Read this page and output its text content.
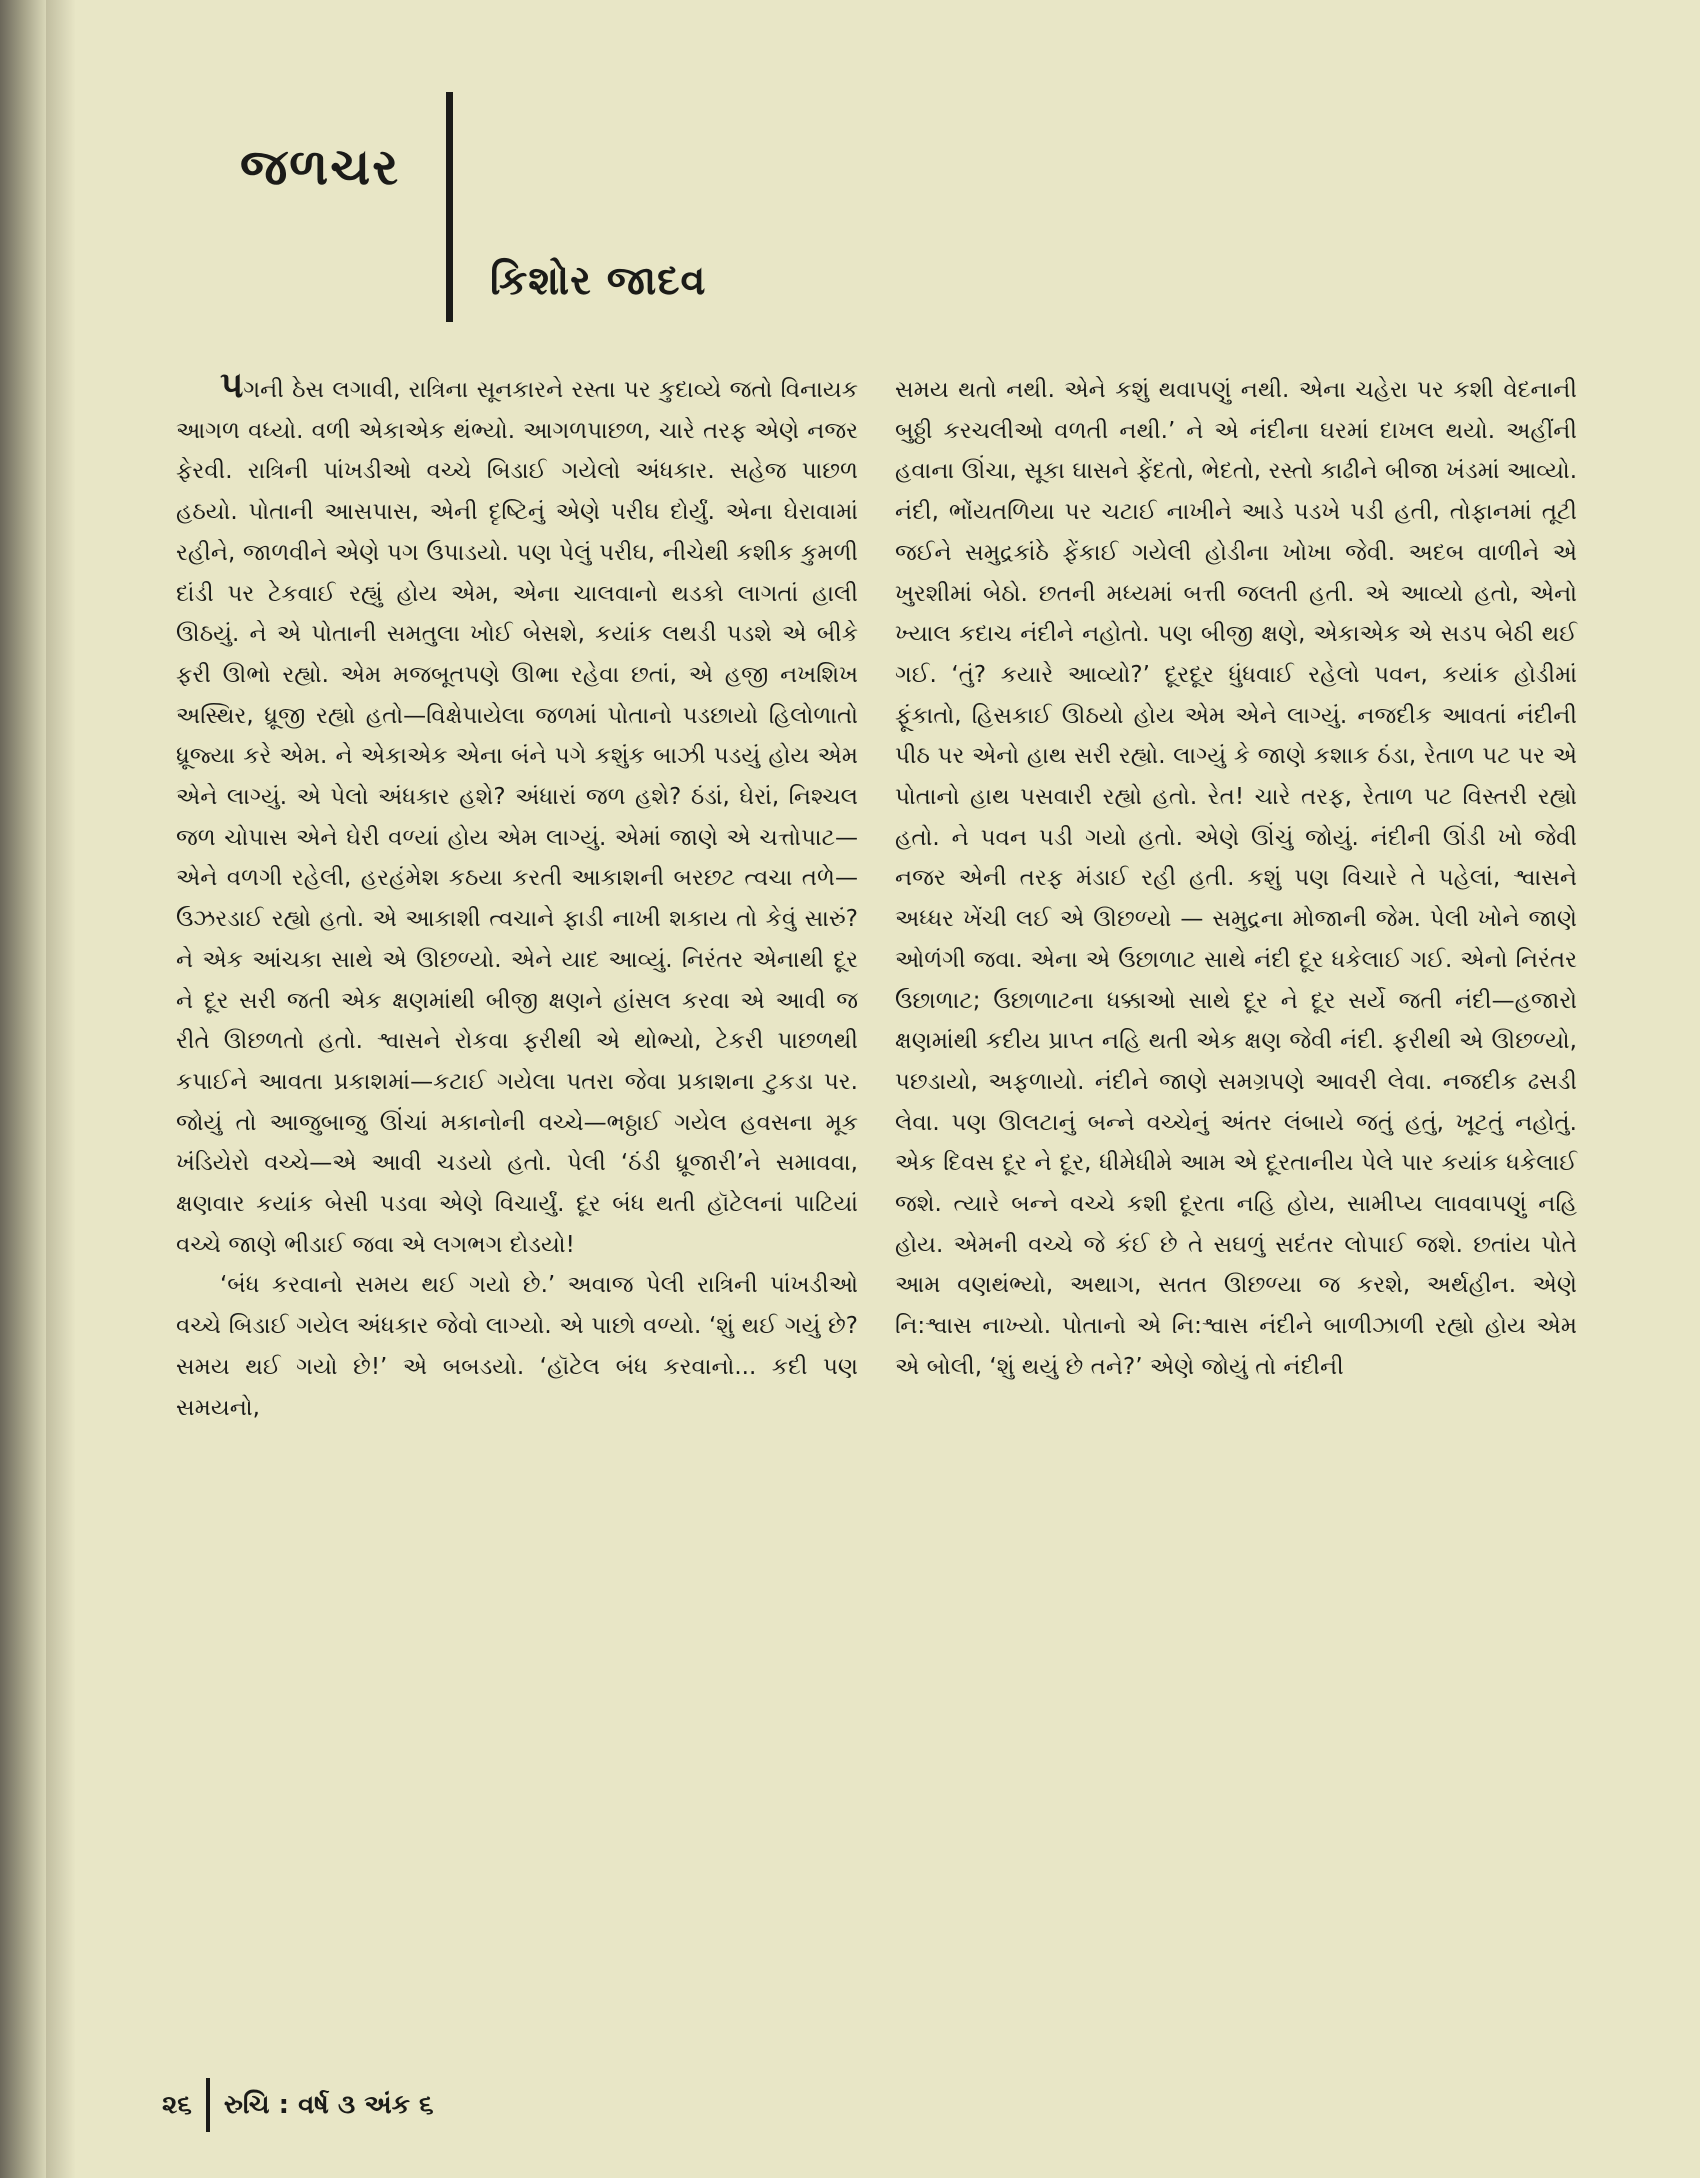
જળચર
કિશોર જાદવ

પગની ઠેસ લગાવી, રાત્રિના સૂનકારને રસ્તા પર કુદાવ્યે જતો વિનાયક આગળ વધ્યો. વળી એકાએક થંભ્યો. આગળપાછળ, ચારે તરફ એણે નજર ફેરવી. રાત્રિની પાંખડીઓ વચ્ચે બિડાઈ ગયેલો અંધકાર. સહેજ પાછળ હઠયો. પોતાની આસપાસ, એની દૃષ્ટિનું એણે પરીઘ દોર્યું. એના ઘેરાવામાં રહીને, જાળવીને એણે પગ ઉપાડયો. પણ પેલું પરીઘ, નીચેથી કશીક કુમળી દાંડી પર ટેકવાઈ રહ્યું હોય એમ, એના ચાલવાનો થડકો લાગતાં હાલી ઊઠયું. ને એ પોતાની સમતુલા ખોઈ બેસશે, કયાંક લથડી પડશે એ બીકે ફરી ઊભો રહ્યો. એમ મજબૂતપણે ઊભા રહેવા છતાં, એ હજી નખશિખ અસ્થિર, ધ્રૂજી રહ્યો હતો—વિક્ષેપાયેલા જળમાં પોતાનો પડછાયો હિલોળાતો ધ્રૂજ્યા કરે એમ. ને એકાએક એના બંને પગે કશુંક બાઝી પડયું હોય એમ એને લાગ્યું. એ પેલો અંધકાર હશે? અંધારાં જળ હશે? ઠંડાં, ઘેરાં, નિશ્ચલ જળ ચોપાસ એને ઘેરી વળ્યાં હોય એમ લાગ્યું. એમાં જાણે એ ચત્તોપાટ—એને વળગી રહેલી, હરહંમેશ કઠયા કરતી આકાશની બરછટ ત્વચા તળે—ઉઝરડાઈ રહ્યો હતો. એ આકાશી ત્વચાને ફાડી નાખી શકાય તો કેવું સારું? ને એક આંચકા સાથે એ ઊછળ્યો. એને યાદ આવ્યું. નિરંતર એનાથી દૂર ને દૂર સરી જતી એક ક્ષણમાંથી બીજી ક્ષણને હાંસલ કરવા એ આવી જ રીતે ઊછળતો હતો. શ્વાસને રોકવા ફરીથી એ થોભ્યો, ટેકરી પાછળથી કપાઈને આવતા પ્રકાશમાં—કટાઈ ગયેલા પતરા જેવા પ્રકાશના ટુકડા પર. જોયું તો આજુબાજુ ઊંચાં મકાનોની વચ્ચે—ભઠ્ઠાઈ ગયેલ હવસના મૂક ખંડિયેરો વચ્ચે—એ આવી ચડયો હતો. પેલી ‘ઠંડી ધ્રૂજારી’ને સમાવવા, ક્ષણવાર કયાંક બેસી પડવા એણે વિચાર્યું. દૂર બંધ થતી હૉટેલનાં પાટિયાં વચ્ચે જાણે ભીડાઈ જવા એ લગભગ દોડયો!

‘બંધ કરવાનો સમય થઈ ગયો છે.’ અવાજ પેલી રાત્રિની પાંખડીઓ વચ્ચે બિડાઈ ગયેલ અંધકાર જેવો લાગ્યો. એ પાછો વળ્યો. ‘શું થઈ ગયું છે? સમય થઈ ગયો છે!’ એ બબડયો. ‘હૉટેલ બંધ કરવાનો... કદી પણ સમયનો,

સમય થતો નથી. એને કશું થવાપણું નથી. એના ચહેરા પર કશી વેદનાની બુઠ્ઠી કરચલીઓ વળતી નથી.’ ને એ નંદીના ઘરમાં દાખલ થયો. અહીંની હવાના ઊંચા, સૂકા ઘાસને ફેંદતો, ભેદતો, રસ્તો કાઢીને બીજા ખંડમાં આવ્યો. નંદી, ભોંયતળિયા પર ચટાઈ નાખીને આડે પડખે પડી હતી, તોફાનમાં તૂટી જઈને સમુદ્રકાંઠે ફેંકાઈ ગયેલી હોડીના ખોખા જેવી. અદબ વાળીને એ ખુરશીમાં બેઠો. છતની મધ્યમાં બત્તી જલતી હતી. એ આવ્યો હતો, એનો ખ્યાલ કદાચ નંદીને નહોતો. પણ બીજી ક્ષણે, એકાએક એ સડપ બેઠી થઈ ગઈ. ‘તું? કયારે આવ્યો?’ દૂરદૂર ધુંધવાઈ રહેલો પવન, કયાંક હોડીમાં ફૂંકાતો, હિસકાઈ ઊઠયો હોય એમ એને લાગ્યું. નજદીક આવતાં નંદીની પીઠ પર એનો હાથ સરી રહ્યો. લાગ્યું કે જાણે કશાક ઠંડા, રેતાળ પટ પર એ પોતાનો હાથ પસવારી રહ્યો હતો. રેત! ચારે તરફ, રેતાળ પટ વિસ્તરી રહ્યો હતો. ને પવન પડી ગયો હતો. એણે ઊંચું જોયું. નંદીની ઊંડી ખો જેવી નજર એની તરફ મંડાઈ રહી હતી. કશું પણ વિચારે તે પહેલાં, શ્વાસને અધ્ધર ખેંચી લઈ એ ઊછળ્યો — સમુદ્રના મોજાની જેમ. પેલી ખોને જાણે ઓળંગી જવા. એના એ ઉછાળાટ સાથે નંદી દૂર ધકેલાઈ ગઈ. એનો નિરંતર ઉછાળાટ; ઉછાળાટના ધક્કાઓ સાથે દૂર ને દૂર સર્યે જતી નંદી—હજારો ક્ષણમાંથી કદીય પ્રાપ્ત નહિ થતી એક ક્ષણ જેવી નંદી. ફરીથી એ ઊછળ્યો, પછડાયો, અફળાયો. નંદીને જાણે સમગ્રપણે આવરી લેવા. નજદીક ઢસડી લેવા. પણ ઊલટાનું બન્ને વચ્ચેનું અંતર લંબાયે જતું હતું, ખૂટતું નહોતું. એક દિવસ દૂર ને દૂર, ધીમેધીમે આમ એ દૂરતાનીય પેલે પાર કયાંક ધકેલાઈ જશે. ત્યારે બન્ને વચ્ચે કશી દૂરતા નહિ હોય, સામીપ્ય લાવવાપણું નહિ હોય. એમની વચ્ચે જે કંઈ છે તે સઘળું સદંતર લોપાઈ જશે. છતાંય પોતે આમ વણથંભ્યો, અથાગ, સતત ઊછળ્યા જ કરશે, અર્થહીન. એણે નિ:શ્વાસ નાખ્યો. પોતાનો એ નિ:શ્વાસ નંદીને બાળીઝાળી રહ્યો હોય એમ એ બોલી, ‘શું થયું છે તને?’ એણે જોયું તો નંદીની

૨૬ રુચિ : વર્ષ ૩ અંક ૬
